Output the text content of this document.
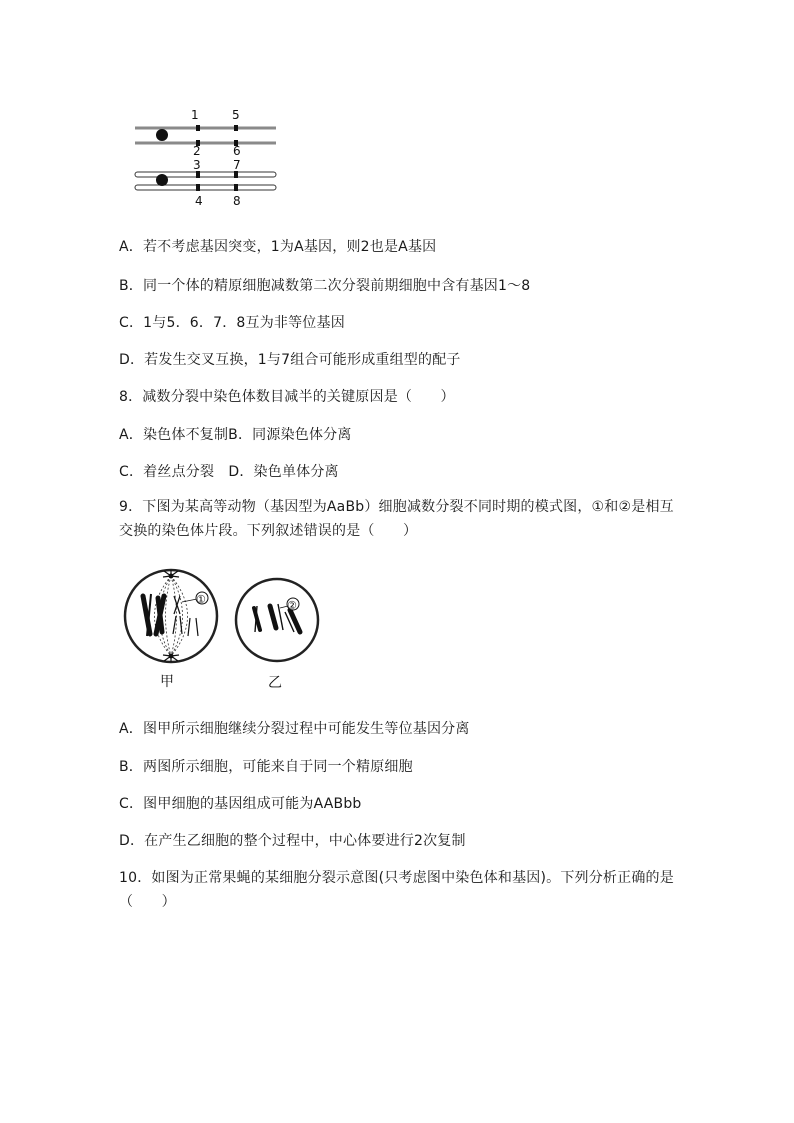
1	5
2	6
3	7
4	8
A．若不考虑基因突变，1为A基因，则2也是A基因
B．同一个体的精原细胞减数第二次分裂前期细胞中含有基因1～8
C．1与5．6．7．8互为非等位基因
D．若发生交叉互换，1与7组合可能形成重组型的配子
8．减数分裂中染色体数目减半的关键原因是（　　）
A．染色体不复制B．同源染色体分离
C．着丝点分裂　D．染色单体分离
9．下图为某高等动物（基因型为AaBb）细胞减数分裂不同时期的模式图，①和②是相互交换的染色体片段。下列叙述错误的是（　　）
①	②
甲	乙
A．图甲所示细胞继续分裂过程中可能发生等位基因分离
B．两图所示细胞，可能来自于同一个精原细胞
C．图甲细胞的基因组成可能为AABbb
D．在产生乙细胞的整个过程中，中心体要进行2次复制
10．如图为正常果蝇的某细胞分裂示意图(只考虑图中染色体和基因)。下列分析正确的是（　　）
